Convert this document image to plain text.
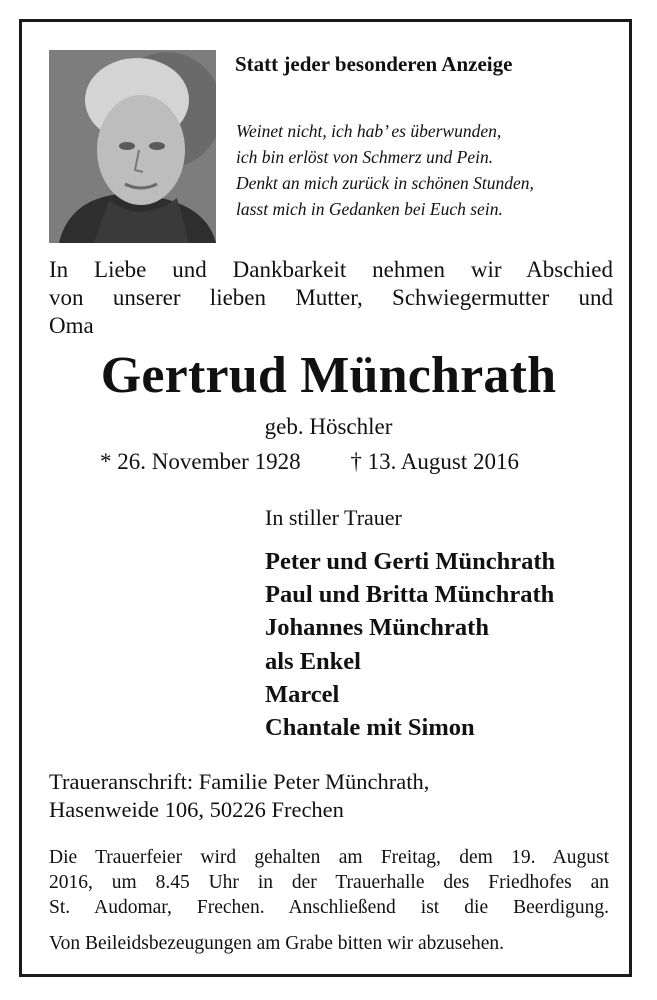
Statt jeder besonderen Anzeige
Weinet nicht, ich hab’ es überwunden,
ich bin erlöst von Schmerz und Pein.
Denkt an mich zurück in schönen Stunden,
lasst mich in Gedanken bei Euch sein.
In Liebe und Dankbarkeit nehmen wir Abschied
von unserer lieben Mutter, Schwiegermutter und
Oma
Gertrud Münchrath
geb. Höschler
* 26. November 1928 † 13. August 2016
In stiller Trauer
Peter und Gerti Münchrath
Paul und Britta Münchrath
Johannes Münchrath
als Enkel
Marcel
Chantale mit Simon
Traueranschrift: Familie Peter Münchrath,
Hasenweide 106, 50226 Frechen
Die Trauerfeier wird gehalten am Freitag, dem 19. August
2016, um 8.45 Uhr in der Trauerhalle des Friedhofes an
St. Audomar, Frechen. Anschließend ist die Beerdigung.
Von Beileidsbezeugungen am Grabe bitten wir abzusehen.
